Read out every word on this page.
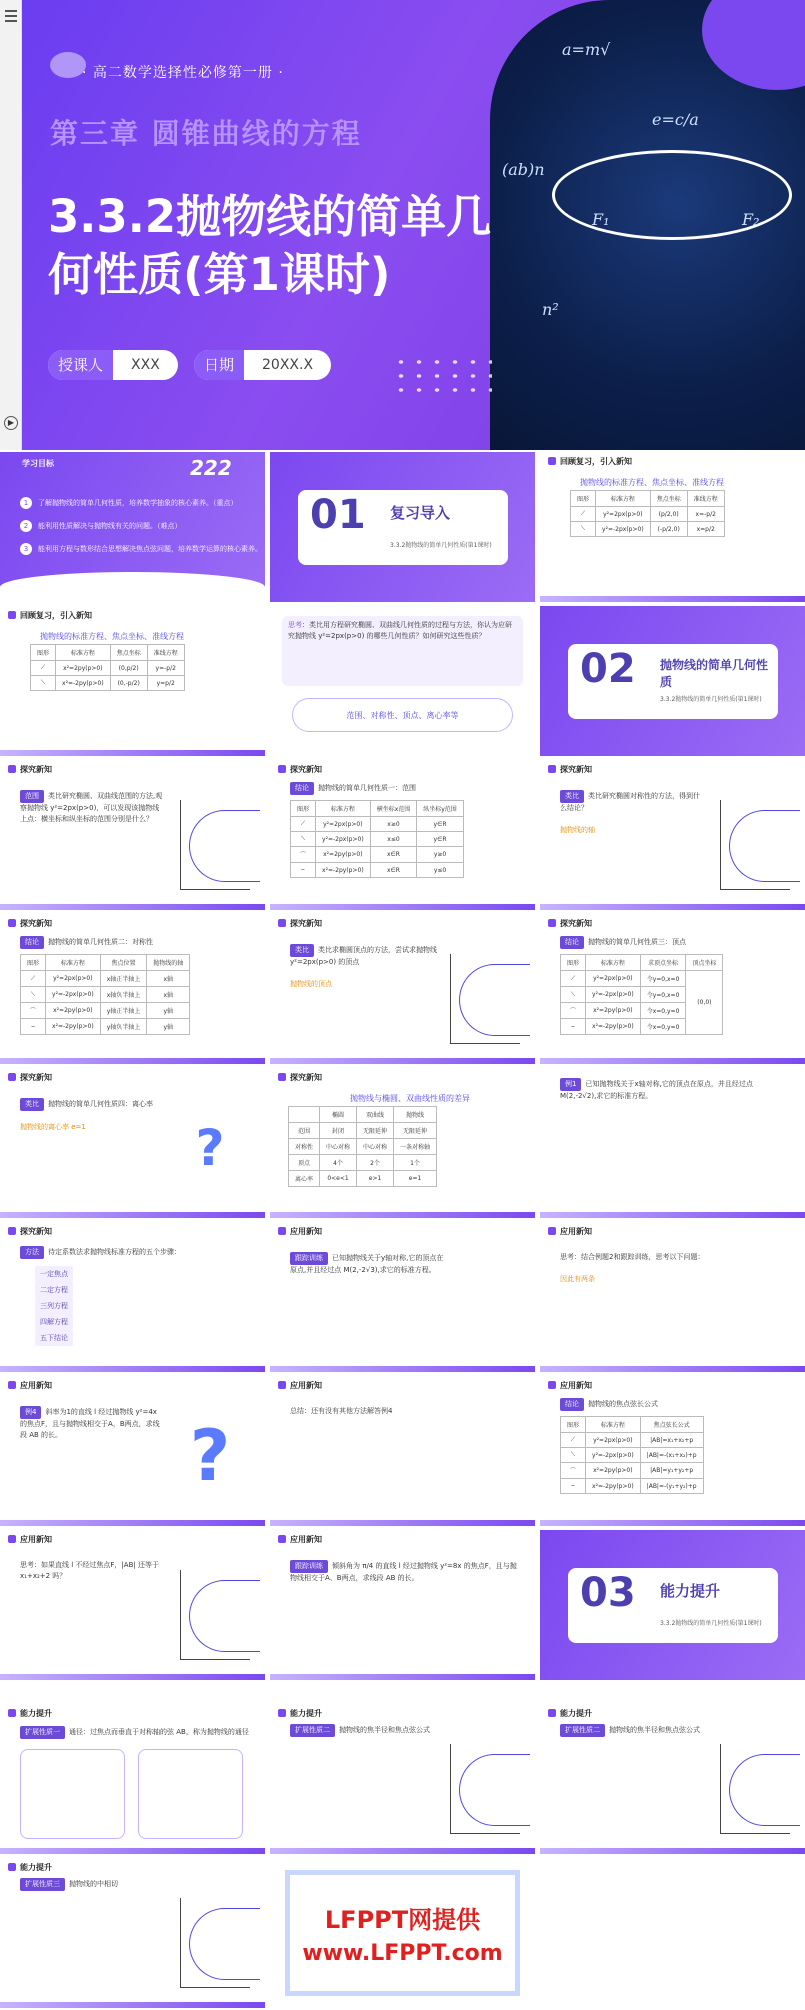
▶
a=m√
e=c/a
(ab)n
F₁	F₂
n²
· 高二数学选择性必修第一册 ·
第三章 圆锥曲线的方程
3.3.2抛物线的简单几何性质(第1课时)
授课人	XXX	日期	20XX.X
学习目标	222
1	了解抛物线的简单几何性质，培养数学抽象的核心素养。（重点）
2	能利用性质解决与抛物线有关的问题。（难点）
3	能利用方程与数形结合思想解决焦点弦问题，培养数学运算的核心素养。
01 复习导入
3.3.2抛物线的简单几何性质(第1课时)
回顾复习，引入新知
抛物线的标准方程、焦点坐标、准线方程
图形	标准方程	焦点坐标	准线方程
⟋	y²=2px(p>0)	(p/2,0)	x=-p/2
⟍	y²=-2px(p>0)	(-p/2,0)	x=p/2
回顾复习，引入新知
抛物线的标准方程、焦点坐标、准线方程
图形	标准方程	焦点坐标	准线方程
⟋	x²=2py(p>0)	(0,p/2)	y=-p/2
⟍	x²=-2py(p>0)	(0,-p/2)	y=p/2
思考：类比用方程研究椭圆、双曲线几何性质的过程与方法，你认为应研究抛物线 y²=2px(p>0) 的哪些几何性质？如何研究这些性质？
范围、对称性、顶点、离心率等
02 抛物线的简单几何性质
3.3.2抛物线的简单几何性质(第1课时)
探究新知
范围 类比研究椭圆、双曲线范围的方法,观察抛物线 y²=2px(p>0)，可以发现该抛物线上点：横坐标和纵坐标的范围分别是什么？
探究新知
结论 抛物线的简单几何性质一：范围
图形	标准方程	横坐标x范围	纵坐标y范围
⟋	y²=2px(p>0)	x≥0	y∈R
⟍	y²=-2px(p>0)	x≤0	y∈R
⌒	x²=2py(p>0)	x∈R	y≥0
⌣	x²=-2py(p>0)	x∈R	y≤0
探究新知
类比 类比研究椭圆对称性的方法，得到什么结论？

抛物线的轴
探究新知
结论 抛物线的简单几何性质二：对称性
图形	标准方程	焦点位置	抛物线的轴
⟋	y²=2px(p>0)	x轴正半轴上	x轴
⟍	y²=-2px(p>0)	x轴负半轴上	x轴
⌒	x²=2py(p>0)	y轴正半轴上	y轴
⌣	x²=-2py(p>0)	y轴负半轴上	y轴
探究新知
类比 类比求椭圆顶点的方法，尝试求抛物线 y²=2px(p>0) 的顶点

抛物线的顶点
探究新知
结论 抛物线的简单几何性质三：顶点
图形	标准方程	求顶点坐标	顶点坐标
⟋	y²=2px(p>0)	令y=0,x=0	(0,0)
⟍	y²=-2px(p>0)	令y=0,x=0	
⌒	x²=2py(p>0)	令x=0,y=0	
⌣	x²=-2py(p>0)	令x=0,y=0	
探究新知
类比 抛物线的简单几何性质四：离心率

抛物线的离心率 e=1	?
探究新知
抛物线与椭圆、双曲线性质的差异
	椭圆	双曲线	抛物线
范围	封闭	无限延伸	无限延伸
对称性	中心对称	中心对称	一条对称轴
顶点	4个	2个	1个
离心率	0<e<1	e>1	e=1
例1 已知抛物线关于x轴对称,它的顶点在原点，并且经过点 M(2,-2√2),求它的标准方程。
探究新知
方法 待定系数法求抛物线标准方程的五个步骤：
一定焦点
二定方程
三列方程
四解方程
五下结论
应用新知
跟踪训练 已知抛物线关于y轴对称,它的顶点在原点,并且经过点 M(2,-2√3),求它的标准方程。
应用新知
思考：结合例题2和跟踪训练，思考以下问题：

因此有两条
应用新知
例4 斜率为1的直线 l 经过抛物线 y²=4x 的焦点F，且与抛物线相交于A，B两点，求线段 AB 的长。	?
应用新知
总结：还有没有其他方法解答例4
应用新知
结论 抛物线的焦点弦长公式
图形	标准方程	焦点弦长公式
⟋	y²=2px(p>0)	|AB|=x₁+x₂+p
⟍	y²=-2px(p>0)	|AB|=-(x₁+x₂)+p
⌒	x²=2py(p>0)	|AB|=y₁+y₂+p
⌣	x²=-2py(p>0)	|AB|=-(y₁+y₂)+p
应用新知
思考：如果直线 l 不经过焦点F，|AB| 还等于 x₁+x₂+2 吗？
应用新知
跟踪训练 倾斜角为 π/4 的直线 l 经过抛物线 y²=8x 的焦点F，且与抛物线相交于A、B两点，求线段 AB 的长。	03 能力提升
3.3.2抛物线的简单几何性质(第1课时)
能力提升
扩展性质一 通径：过焦点而垂直于对称轴的弦 AB，称为抛物线的通径
能力提升
扩展性质二 抛物线的焦半径和焦点弦公式
能力提升
扩展性质二 抛物线的焦半径和焦点弦公式
能力提升
扩展性质三 抛物线的中相切
LFPPT网提供
www.LFPPT.com
